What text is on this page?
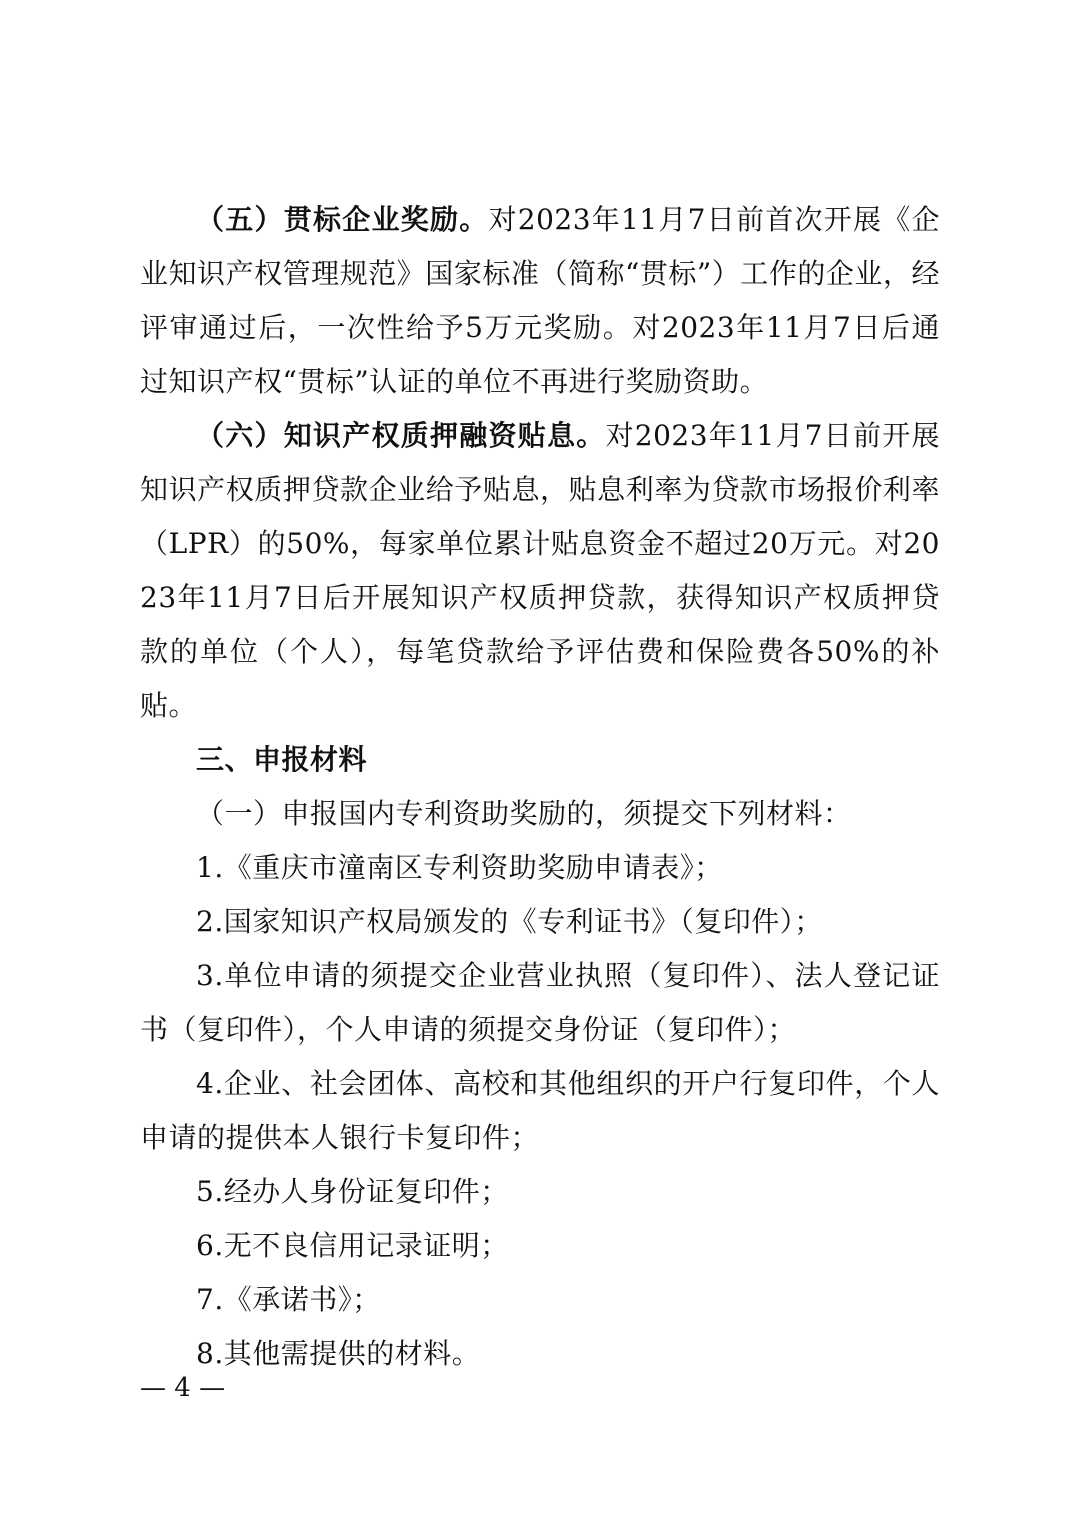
（五）贯标企业奖励。对2023年11月7日前首次开展《企业知识产权管理规范》国家标准（简称“贯标”）工作的企业，经评审通过后，一次性给予5万元奖励。对2023年11月7日后通过知识产权“贯标”认证的单位不再进行奖励资助。

（六）知识产权质押融资贴息。对2023年11月7日前开展知识产权质押贷款企业给予贴息，贴息利率为贷款市场报价利率（LPR）的50%，每家单位累计贴息资金不超过20万元。对2023年11月7日后开展知识产权质押贷款，获得知识产权质押贷款的单位（个人），每笔贷款给予评估费和保险费各50%的补贴。

三、申报材料

（一）申报国内专利资助奖励的，须提交下列材料：

1.《重庆市潼南区专利资助奖励申请表》；

2.国家知识产权局颁发的《专利证书》（复印件）；

3.单位申请的须提交企业营业执照（复印件）、法人登记证书（复印件），个人申请的须提交身份证（复印件）；

4.企业、社会团体、高校和其他组织的开户行复印件，个人申请的提供本人银行卡复印件；

5.经办人身份证复印件；

6.无不良信用记录证明；

7.《承诺书》；

8.其他需提供的材料。

— 4 —
